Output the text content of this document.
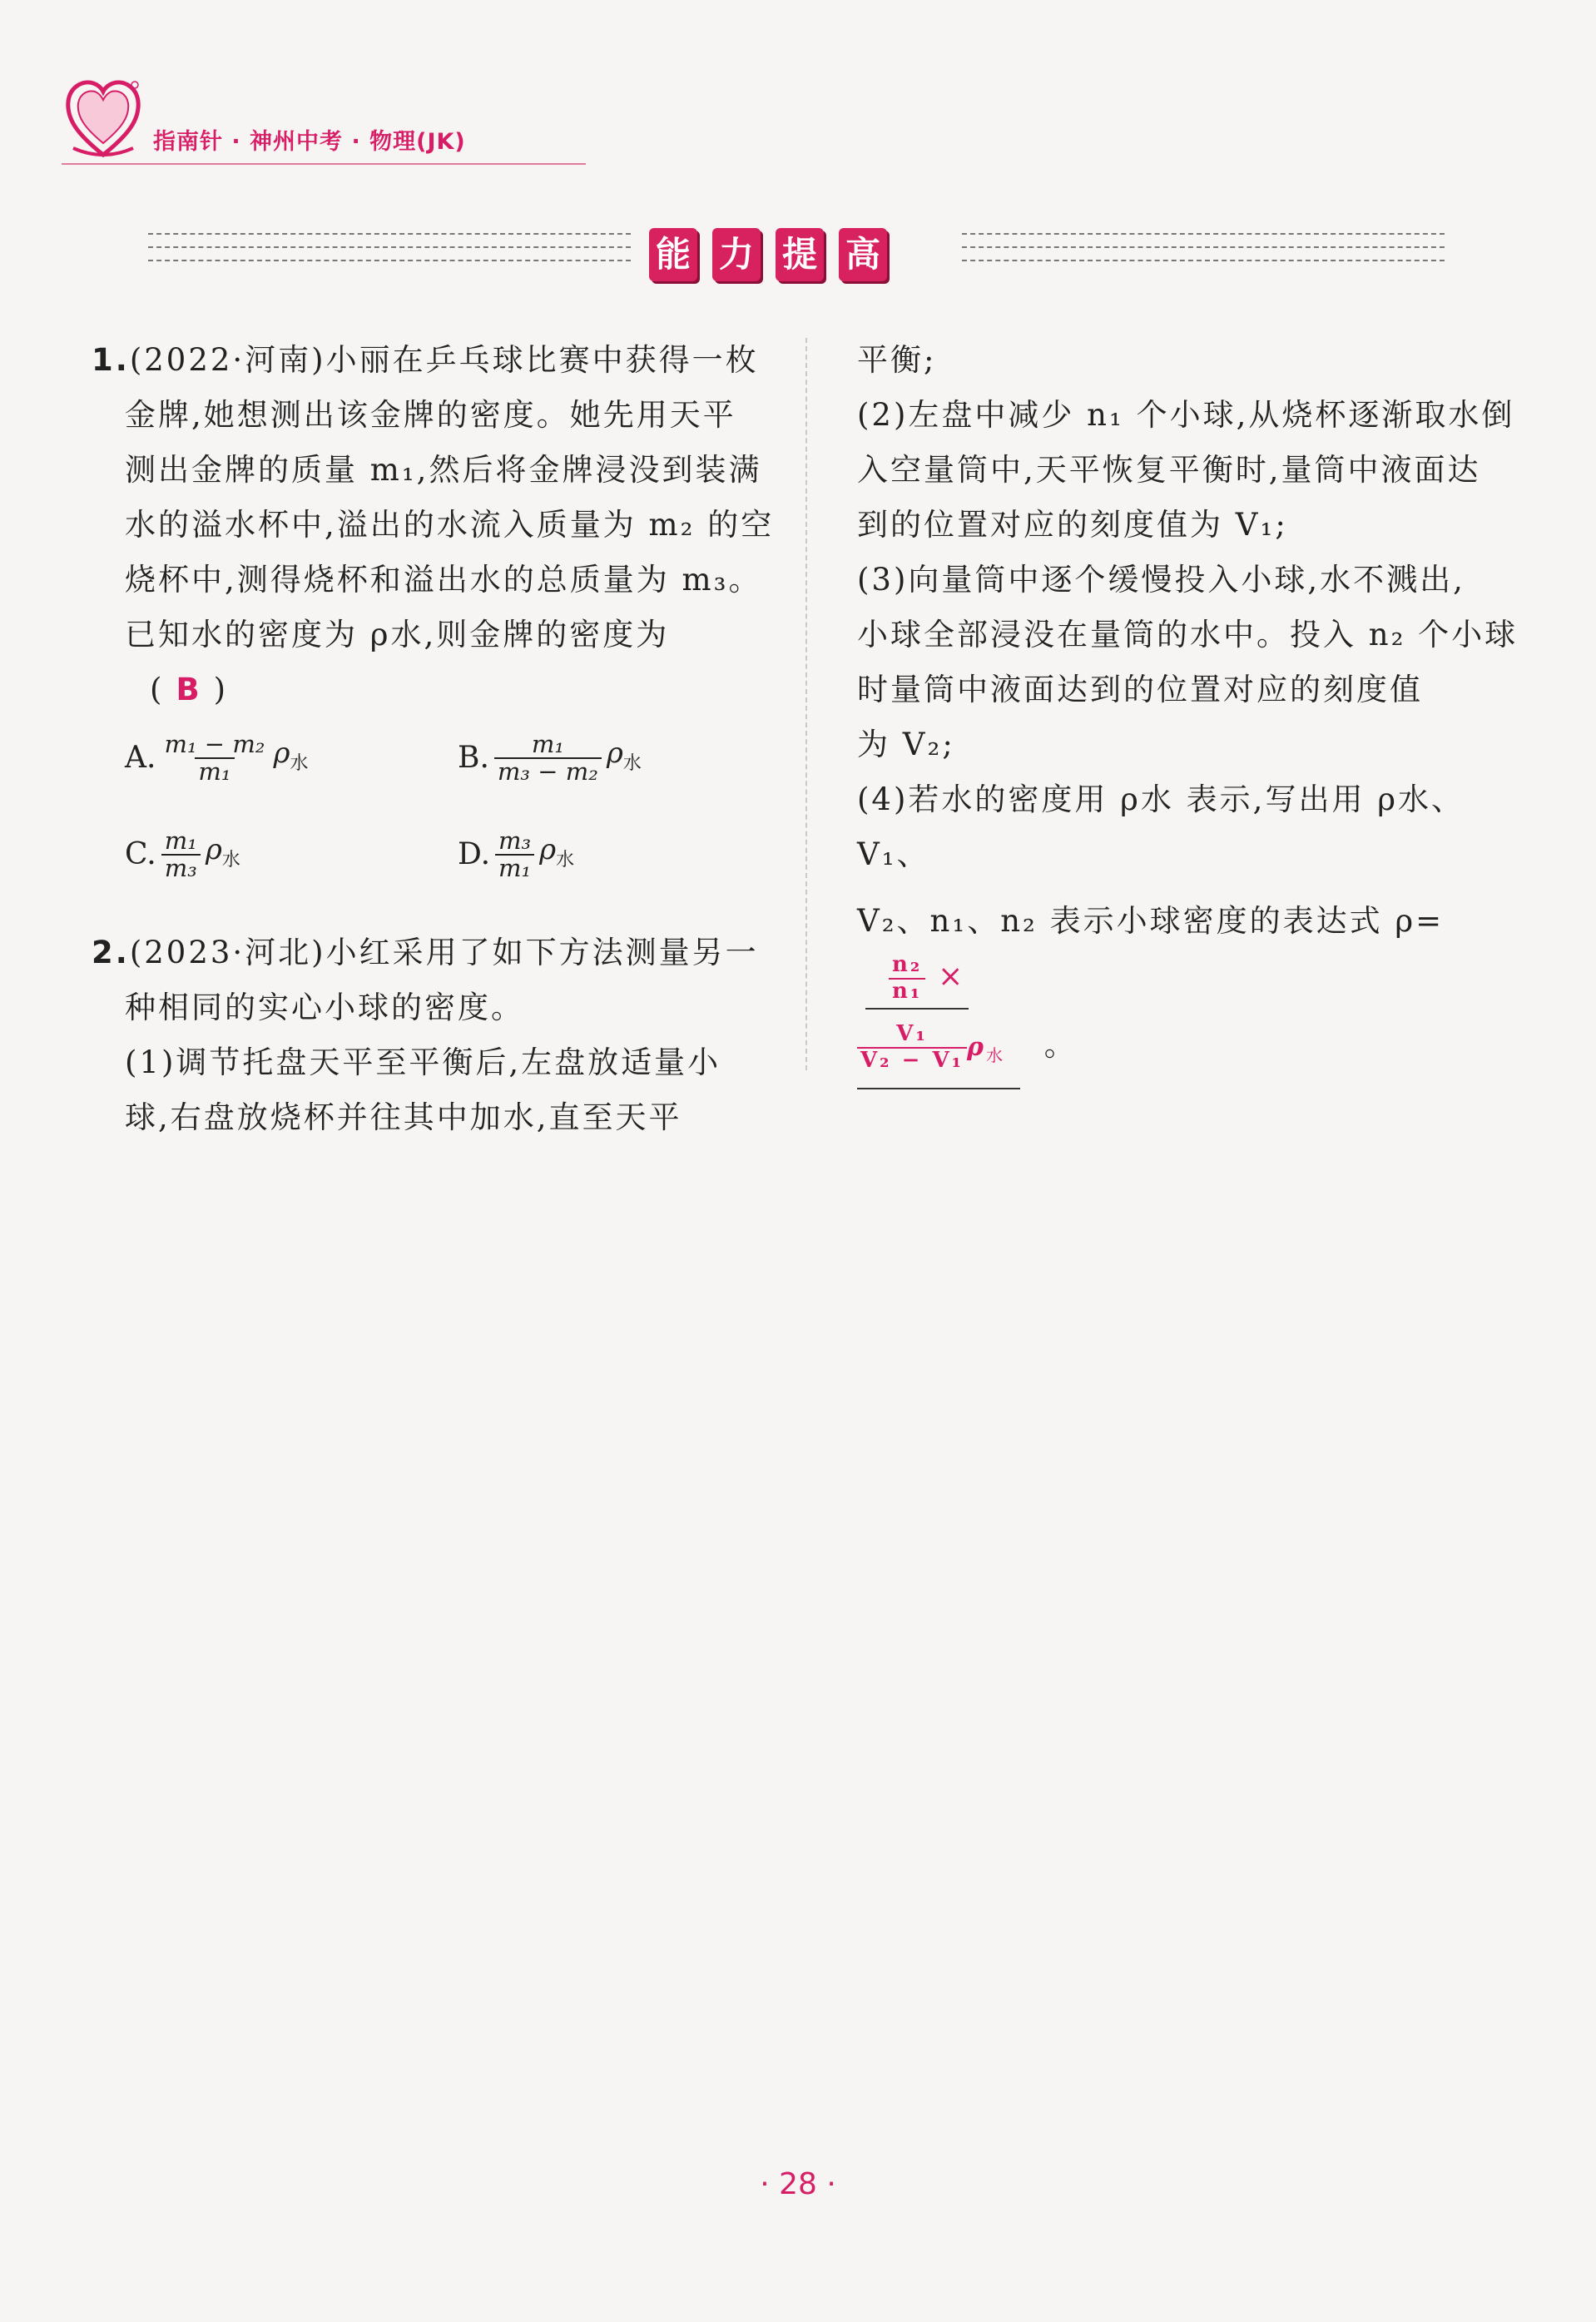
指南针 · 神州中考 · 物理(JK)
能 力 提 高

1.(2022·河南)小丽在乒乓球比赛中获得一枚

金牌,她想测出该金牌的密度。她先用天平

测出金牌的质量 m₁,然后将金牌浸没到装满

水的溢水杯中,溢出的水流入质量为 m₂ 的空

烧杯中,测得烧杯和溢出水的总质量为 m₃。

已知水的密度为 ρ水,则金牌的密度为 ( B )

A. $\frac{\text{m₁ − m₂}}{\text{m₁}} \rho_水$	B. $\frac{\text{m₁}}{\text{m₃ − m₂}} \rho_水$
C. $\frac{\text{m₁}}{\text{m₃}} \rho_水$	D. $\frac{\text{m₃}}{\text{m₁}} \rho_水$

2.(2023·河北)小红采用了如下方法测量另一

种相同的实心小球的密度。

(1)调节托盘天平至平衡后,左盘放适量小

球,右盘放烧杯并往其中加水,直至天平

平衡;

(2)左盘中减少 n₁ 个小球,从烧杯逐渐取水倒

入空量筒中,天平恢复平衡时,量筒中液面达

到的位置对应的刻度值为 V₁;

(3)向量筒中逐个缓慢投入小球,水不溅出,

小球全部浸没在量筒的水中。投入 n₂ 个小球

时量筒中液面达到的位置对应的刻度值

为 V₂;

(4)若水的密度用 ρ水 表示,写出用 ρ水、V₁、

V₂、n₁、n₂ 表示小球密度的表达式 ρ=
$\frac{\text{n₂}}{\text{n₁}}$ ×

$\frac{\text{V₁}}{\text{V₂ − V₁}} \rho_水$ 。

· 28 ·
